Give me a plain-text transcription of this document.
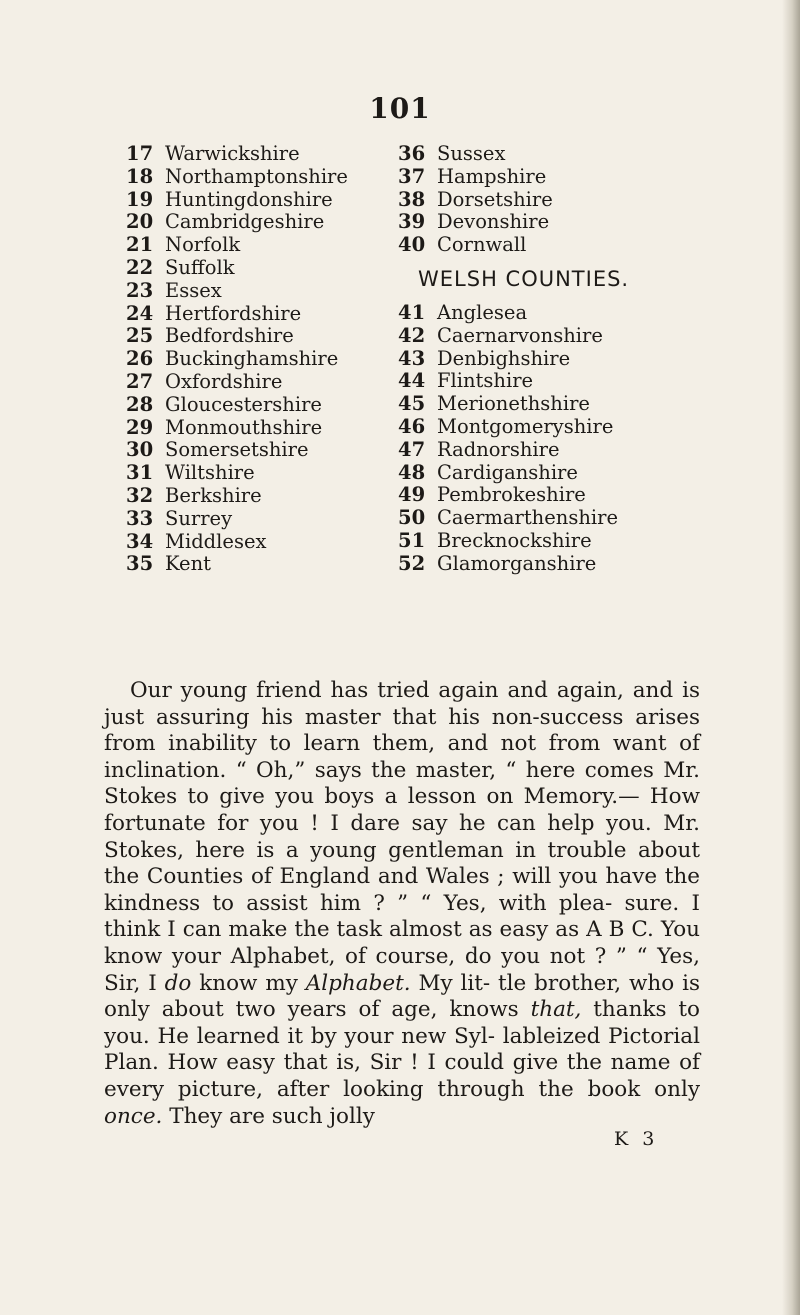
101
17 Warwickshire
18 Northamptonshire
19 Huntingdonshire
20 Cambridgeshire
21 Norfolk
22 Suffolk
23 Essex
24 Hertfordshire
25 Bedfordshire
26 Buckinghamshire
27 Oxfordshire
28 Gloucestershire
29 Monmouthshire
30 Somersetshire
31 Wiltshire
32 Berkshire
33 Surrey
34 Middlesex
35 Kent
36 Sussex
37 Hampshire
38 Dorsetshire
39 Devonshire
40 Cornwall
WELSH COUNTIES.
41 Anglesea
42 Caernarvonshire
43 Denbighshire
44 Flintshire
45 Merionethshire
46 Montgomeryshire
47 Radnorshire
48 Cardiganshire
49 Pembrokeshire
50 Caermarthenshire
51 Brecknockshire
52 Glamorganshire

Our young friend has tried again and again, and is just assuring his master that his non-success arises from inability to learn them, and not from want of inclination. “ Oh,” says the master, “ here comes Mr. Stokes to give you boys a lesson on Memory.— How fortunate for you ! I dare say he can help you. Mr. Stokes, here is a young gentleman in trouble about the Counties of England and Wales ; will you have the kindness to assist him ? ” “ Yes, with plea- sure. I think I can make the task almost as easy as A B C. You know your Alphabet, of course, do you not ? ” “ Yes, Sir, I do know my Alphabet. My lit- tle brother, who is only about two years of age, knows that, thanks to you. He learned it by your new Syl- lableized Pictorial Plan. How easy that is, Sir ! I could give the name of every picture, after looking through the book only once. They are such jolly

K 3
